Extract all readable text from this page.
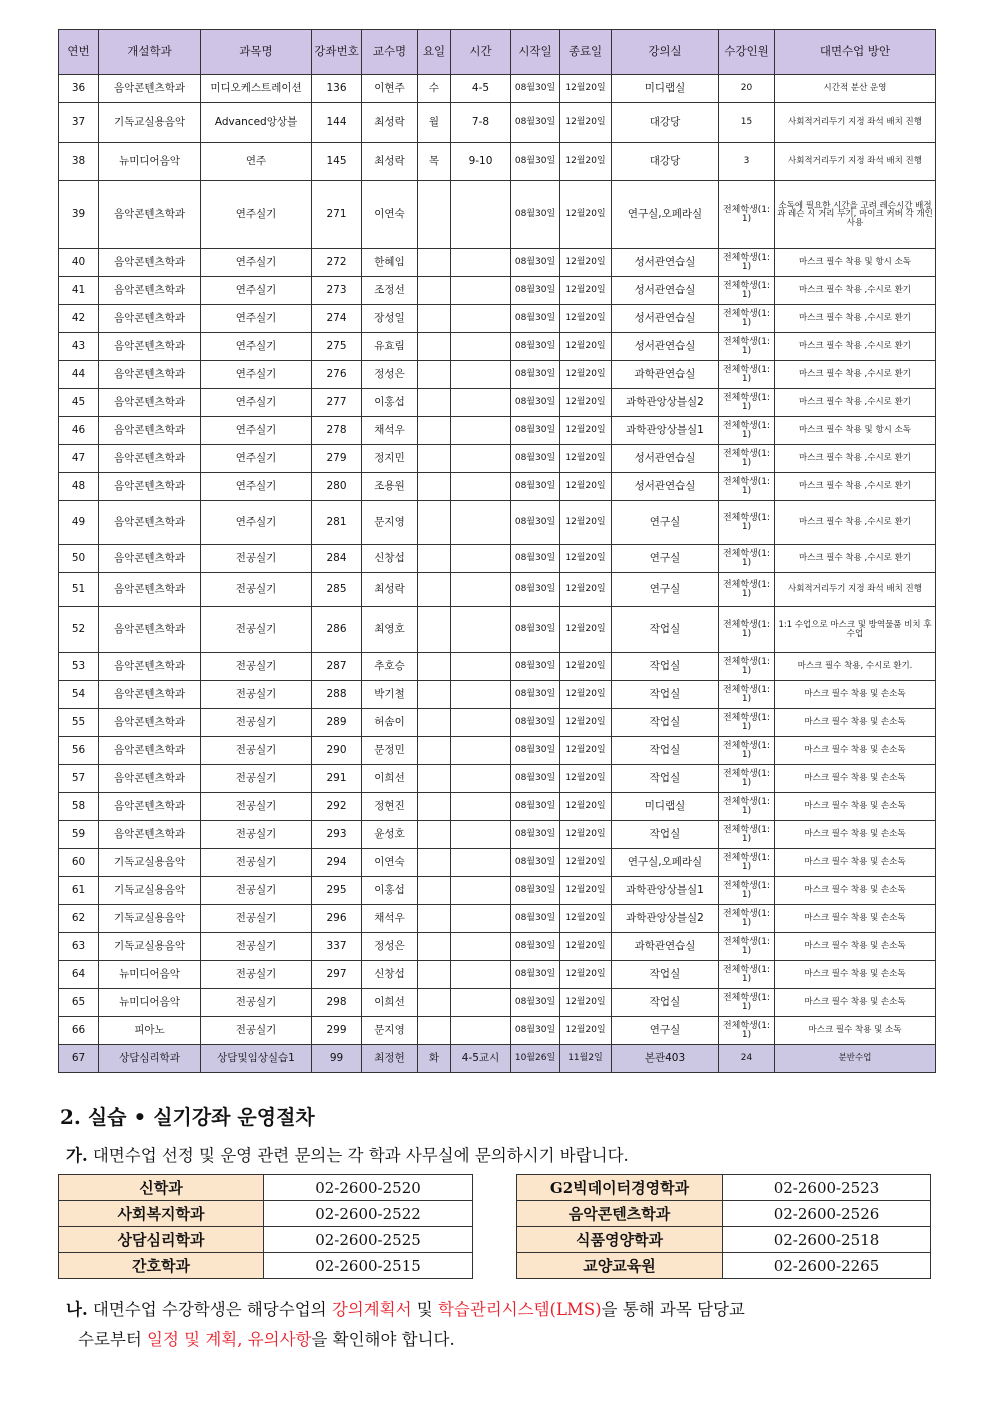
연번	개설학과	과목명	강좌번호	교수명	요일	시간	시작일	종료일	강의실	수강인원	대면수업 방안
36	음악콘텐츠학과	미디오케스트레이션	136	이현주	수	4-5	08월30일	12월20일	미디랩실	20	시간적 분산 운영
37	기독교실용음악	Advanced앙상블	144	최성락	월	7-8	08월30일	12월20일	대강당	15	사회적거리두기 지정 좌석 배치 진행
38	뉴미디어음악	연주	145	최성락	목	9-10	08월30일	12월20일	대강당	3	사회적거리두기 지정 좌석 배치 진행
39	음악콘텐츠학과	연주실기	271	이연숙			08월30일	12월20일	연구실,오페라실	전체학생(1:1)	소독에 필요한 시간을 고려 레슨시간 배정과 레슨 시 거리 두기, 마이크 커버 각 개인 사용
40	음악콘텐츠학과	연주실기	272	한혜임			08월30일	12월20일	성서관연습실	전체학생(1:1)	마스크 필수 착용 및 항시 소독
41	음악콘텐츠학과	연주실기	273	조정선			08월30일	12월20일	성서관연습실	전체학생(1:1)	마스크 필수 착용 ,수시로 환기
42	음악콘텐츠학과	연주실기	274	장성일			08월30일	12월20일	성서관연습실	전체학생(1:1)	마스크 필수 착용 ,수시로 환기
43	음악콘텐츠학과	연주실기	275	유효림			08월30일	12월20일	성서관연습실	전체학생(1:1)	마스크 필수 착용 ,수시로 환기
44	음악콘텐츠학과	연주실기	276	정성은			08월30일	12월20일	과학관연습실	전체학생(1:1)	마스크 필수 착용 ,수시로 환기
45	음악콘텐츠학과	연주실기	277	이홍섭			08월30일	12월20일	과학관앙상블실2	전체학생(1:1)	마스크 필수 착용 ,수시로 환기
46	음악콘텐츠학과	연주실기	278	채석우			08월30일	12월20일	과학관앙상블실1	전체학생(1:1)	마스크 필수 착용 및 항시 소독
47	음악콘텐츠학과	연주실기	279	정지민			08월30일	12월20일	성서관연습실	전체학생(1:1)	마스크 필수 착용 ,수시로 환기
48	음악콘텐츠학과	연주실기	280	조용원			08월30일	12월20일	성서관연습실	전체학생(1:1)	마스크 필수 착용 ,수시로 환기
49	음악콘텐츠학과	연주실기	281	문지영			08월30일	12월20일	연구실	전체학생(1:1)	마스크 필수 착용 ,수시로 환기
50	음악콘텐츠학과	전공실기	284	신창섭			08월30일	12월20일	연구실	전체학생(1:1)	마스크 필수 착용 ,수시로 환기
51	음악콘텐츠학과	전공실기	285	최성락			08월30일	12월20일	연구실	전체학생(1:1)	사회적거리두기 지정 좌석 배치 진행
52	음악콘텐츠학과	전공실기	286	최영호			08월30일	12월20일	작업실	전체학생(1:1)	1:1 수업으로 마스크 및 방역물품 비치 후 수업
53	음악콘텐츠학과	전공실기	287	추호승			08월30일	12월20일	작업실	전체학생(1:1)	마스크 필수 착용, 수시로 환기.
54	음악콘텐츠학과	전공실기	288	박기철			08월30일	12월20일	작업실	전체학생(1:1)	마스크 필수 착용 및 손소독
55	음악콘텐츠학과	전공실기	289	허솜이			08월30일	12월20일	작업실	전체학생(1:1)	마스크 필수 착용 및 손소독
56	음악콘텐츠학과	전공실기	290	문정민			08월30일	12월20일	작업실	전체학생(1:1)	마스크 필수 착용 및 손소독
57	음악콘텐츠학과	전공실기	291	이희선			08월30일	12월20일	작업실	전체학생(1:1)	마스크 필수 착용 및 손소독
58	음악콘텐츠학과	전공실기	292	정현진			08월30일	12월20일	미디랩실	전체학생(1:1)	마스크 필수 착용 및 손소독
59	음악콘텐츠학과	전공실기	293	윤성호			08월30일	12월20일	작업실	전체학생(1:1)	마스크 필수 착용 및 손소독
60	기독교실용음악	전공실기	294	이연숙			08월30일	12월20일	연구실,오페라실	전체학생(1:1)	마스크 필수 착용 및 손소독
61	기독교실용음악	전공실기	295	이홍섭			08월30일	12월20일	과학관앙상블실1	전체학생(1:1)	마스크 필수 착용 및 손소독
62	기독교실용음악	전공실기	296	채석우			08월30일	12월20일	과학관앙상블실2	전체학생(1:1)	마스크 필수 착용 및 손소독
63	기독교실용음악	전공실기	337	정성은			08월30일	12월20일	과학관연습실	전체학생(1:1)	마스크 필수 착용 및 손소독
64	뉴미디어음악	전공실기	297	신창섭			08월30일	12월20일	작업실	전체학생(1:1)	마스크 필수 착용 및 손소독
65	뉴미디어음악	전공실기	298	이희선			08월30일	12월20일	작업실	전체학생(1:1)	마스크 필수 착용 및 손소독
66	피아노	전공실기	299	문지영			08월30일	12월20일	연구실	전체학생(1:1)	마스크 필수 착용 및 소독
67	상담심리학과	상담및임상실습1	99	최정헌	화	4-5교시	10월26일	11월2일	본관403	24	분반수업
2. 실습 • 실기강좌 운영절차

가. 대면수업 선정 및 운영 관련 문의는 각 학과 사무실에 문의하시기 바랍니다.

신학과	02-2600-2520
사회복지학과	02-2600-2522
상담심리학과	02-2600-2525
간호학과	02-2600-2515
G2빅데이터경영학과	02-2600-2523
음악콘텐츠학과	02-2600-2526
식품영양학과	02-2600-2518
교양교육원	02-2600-2265

나. 대면수업 수강학생은 해당수업의 강의계획서 및 학습관리시스템(LMS)을 통해 과목 담당교

수로부터 일정 및 계획, 유의사항을 확인해야 합니다.
